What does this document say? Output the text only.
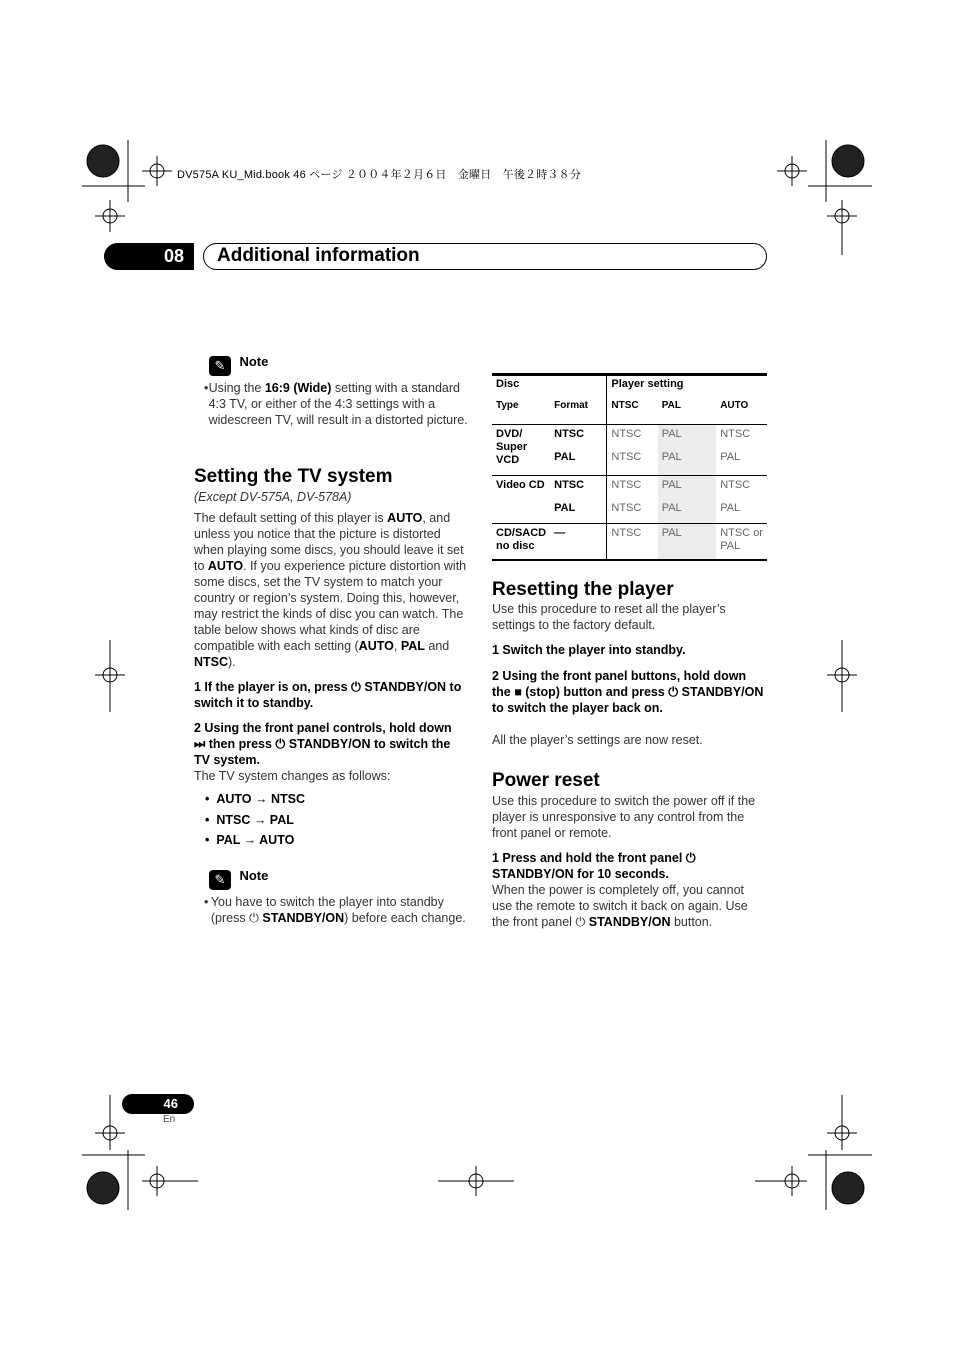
DV575A KU_Mid.book 46 ページ ２００４年２月６日　金曜日　午後２時３８分
08	Additional information
✎ $^{Note}$
• Using the 16:9 (Wide) setting with a standard 4:3 TV, or either of the 4:3 settings with a widescreen TV, will result in a distorted picture.
Setting the TV system
(Except DV-575A, DV-578A)
The default setting of this player is AUTO, and unless you notice that the picture is distorted when playing some discs, you should leave it set to AUTO. If you experience picture distortion with some discs, set the TV system to match your country or region’s system. Doing this, however, may restrict the kinds of disc you can watch. The table below shows what kinds of disc are compatible with each setting (AUTO, PAL and NTSC).
1 If the player is on, press ⏻ STANDBY/ON to switch it to standby.
2 Using the front panel controls, hold down ⏭ then press ⏻ STANDBY/ON to switch the TV system.
The TV system changes as follows:
•  AUTO → NTSC
•  NTSC → PAL
•  PAL → AUTO
✎ $^{Note}$
• You have to switch the player into standby (press ⏻ STANDBY/ON) before each change.
Disc		Player setting		
Type	Format	NTSC	PAL	AUTO
DVD/ Super VCD	NTSC	NTSC	PAL	NTSC
	PAL	NTSC	PAL	PAL
Video CD	NTSC	NTSC	PAL	NTSC
	PAL	NTSC	PAL	PAL
CD/SACD no disc	—	NTSC	PAL	NTSC or PAL
Resetting the player
Use this procedure to reset all the player’s settings to the factory default.
1 Switch the player into standby.
2 Using the front panel buttons, hold down the ■ (stop) button and press ⏻ STANDBY/ON to switch the player back on.
All the player’s settings are now reset.
Power reset
Use this procedure to switch the power off if the player is unresponsive to any control from the front panel or remote.
1 Press and hold the front panel ⏻ STANDBY/ON for 10 seconds.
When the power is completely off, you cannot use the remote to switch it back on again. Use the front panel ⏻ STANDBY/ON button.
46
En
